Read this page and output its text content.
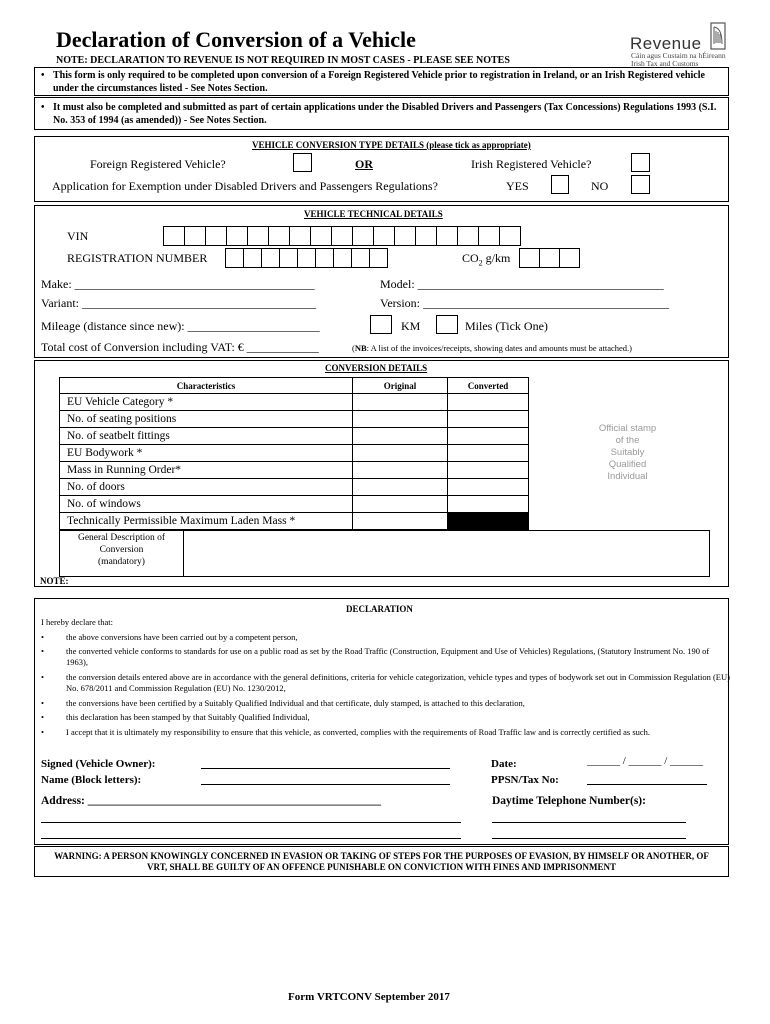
Declaration of Conversion of a Vehicle	Revenue
Cáin agus Custaim na hÉireann
Irish Tax and Customs
NOTE: DECLARATION TO REVENUE IS NOT REQUIRED IN MOST CASES - PLEASE SEE NOTES
• This form is only required to be completed upon conversion of a Foreign Registered Vehicle prior to registration in Ireland, or an Irish Registered vehicle under the circumstances listed - See Notes Section.
• It must also be completed and submitted as part of certain applications under the Disabled Drivers and Passengers (Tax Concessions) Regulations 1993 (S.I. No. 353 of 1994 (as amended)) - See Notes Section.
VEHICLE CONVERSION TYPE DETAILS (please tick as appropriate)
Foreign Registered Vehicle?	OR	Irish Registered Vehicle?
Application for Exemption under Disabled Drivers and Passengers Regulations?	YES	NO
VEHICLE TECHNICAL DETAILS
VIN
REGISTRATION NUMBER	$CO_2$ g/km
Make: ________________________________________	Model: _________________________________________
Variant: _______________________________________	Version: _________________________________________
Mileage (distance since new): ______________________	KM	Miles (Tick One)
Total cost of Conversion including VAT: € ____________	(NB: A list of the invoices/receipts, showing dates and amounts must be attached.)
CONVERSION DETAILS
Characteristics	Original	Converted
EU Vehicle Category *		
No. of seating positions		
No. of seatbelt fittings		
EU Bodywork *		
Mass in Running Order*		
No. of doors		
No. of windows		
Technically Permissible Maximum Laden Mass *		
Official stamp
of the
Suitably
Qualified
Individual
General Description of
Conversion
(mandatory)
NOTE:
DECLARATION
I hereby declare that:
•	the above conversions have been carried out by a competent person,
•	the converted vehicle conforms to standards for use on a public road as set by the Road Traffic (Construction, Equipment and Use of Vehicles) Regulations, (Statutory Instrument No. 190 of 1963),
•	the conversion details entered above are in accordance with the general definitions, criteria for vehicle categorization, vehicle types and types of bodywork set out in Commission Regulation (EU) No. 678/2011 and Commission Regulation (EU) No. 1230/2012,
•	the conversions have been certified by a Suitably Qualified Individual and that certificate, duly stamped, is attached to this declaration,
•	this declaration has been stamped by that Suitably Qualified Individual,
•	I accept that it is ultimately my responsibility to ensure that this vehicle, as converted, complies with the requirements of Road Traffic law and is correctly certified as such.
Signed (Vehicle Owner):	Date:	______ / ______ / ______
Name (Block letters):	PPSN/Tax No:
Address: ___________________________________________________	Daytime Telephone Number(s):
WARNING: A PERSON KNOWINGLY CONCERNED IN EVASION OR TAKING OF STEPS FOR THE PURPOSES OF EVASION, BY HIMSELF OR ANOTHER, OF VRT, SHALL BE GUILTY OF AN OFFENCE PUNISHABLE ON CONVICTION WITH FINES AND IMPRISONMENT
Form VRTCONV September 2017
